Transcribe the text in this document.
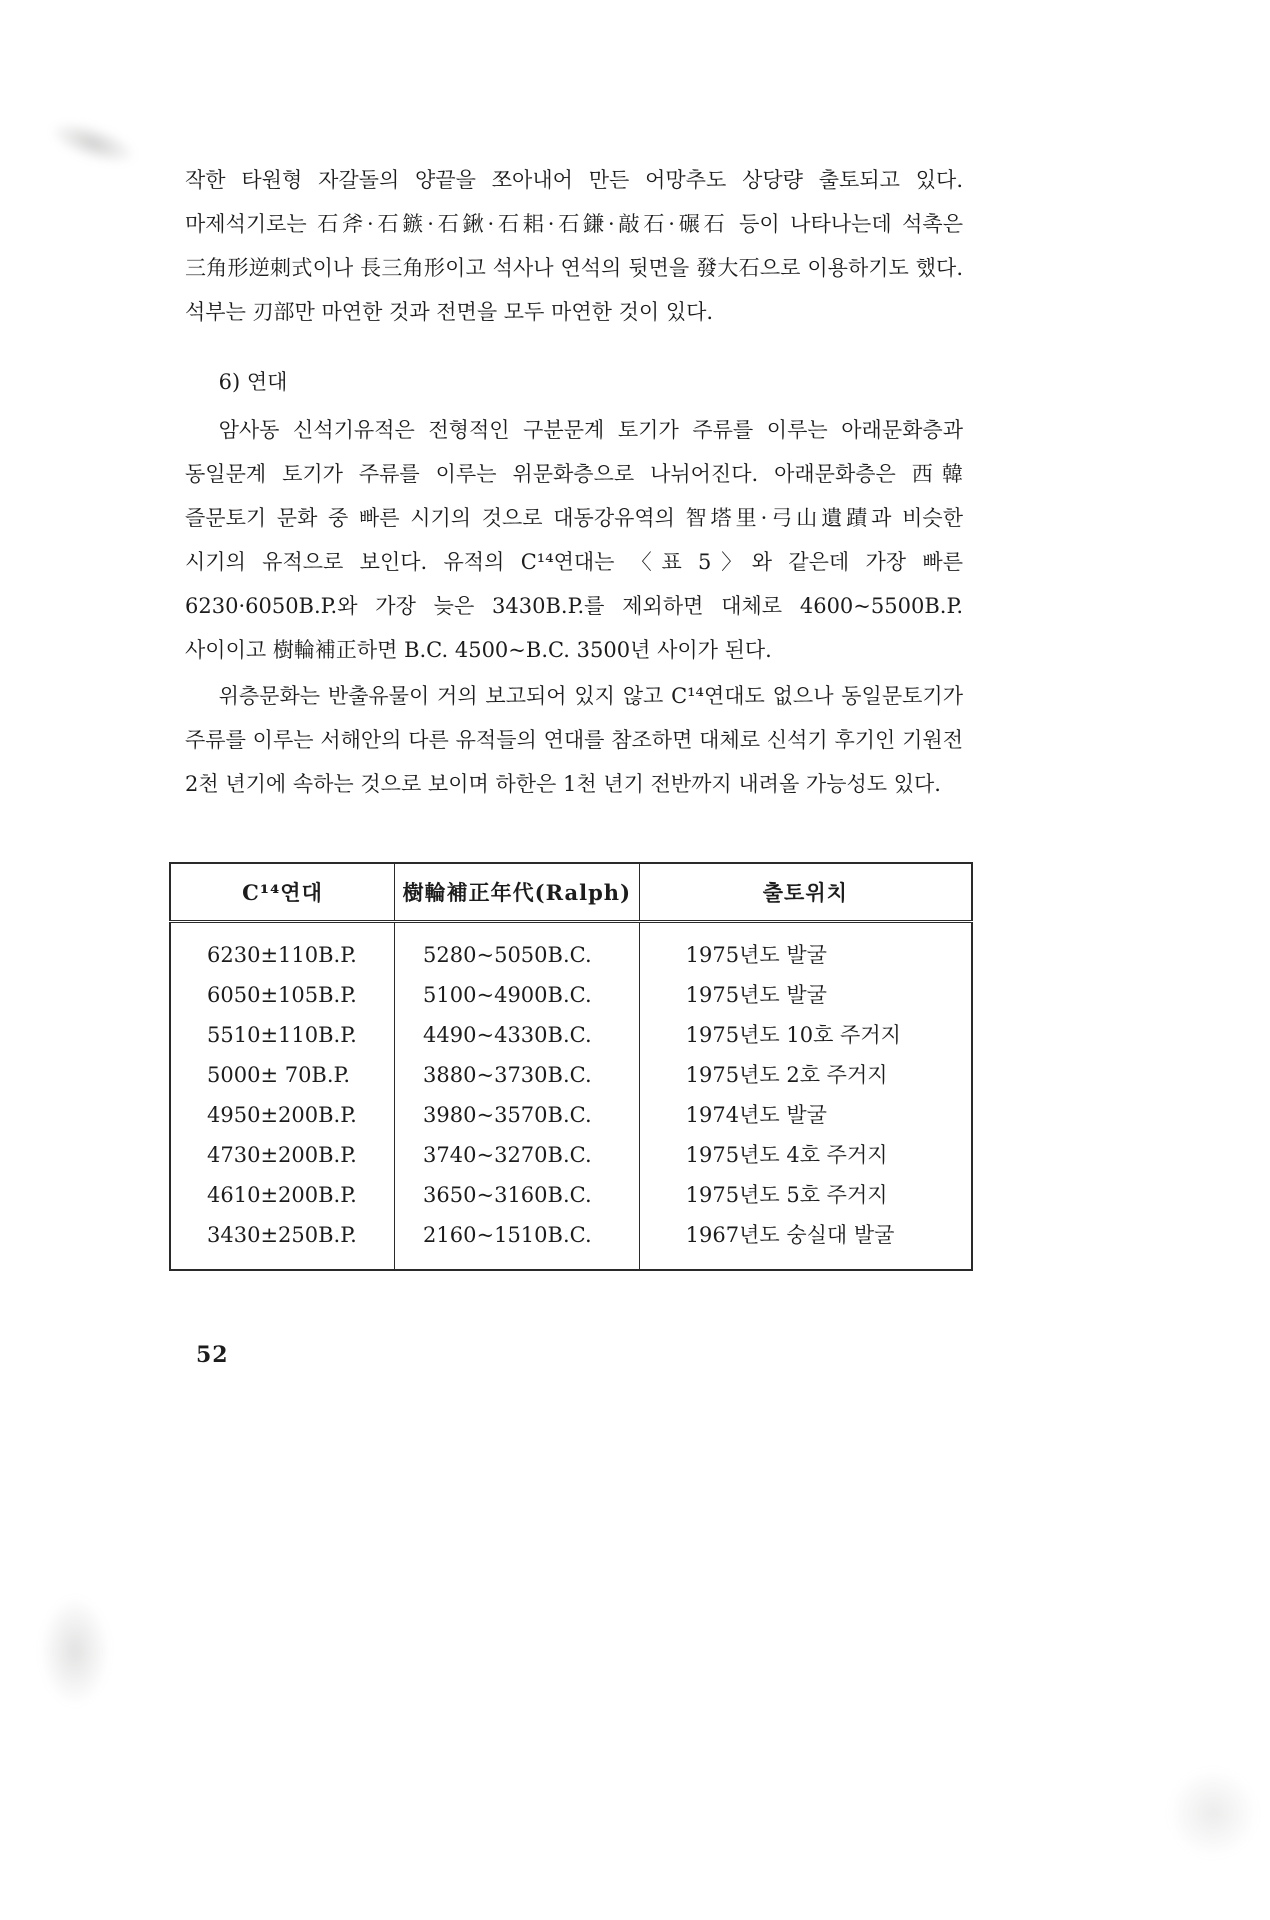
작한 타원형 자갈돌의 양끝을 쪼아내어 만든 어망추도 상당량 출토되고 있다. 마제석기로는 石斧·石鏃·石鍬·石耜·石鎌·敲石·碾石 등이 나타나는데 석촉은 三角形逆刺式이나 長三角形이고 석사나 연석의 뒷면을 發大石으로 이용하기도 했다. 석부는 刃部만 마연한 것과 전면을 모두 마연한 것이 있다.

6) 연대

암사동 신석기유적은 전형적인 구분문계 토기가 주류를 이루는 아래문화층과 동일문계 토기가 주류를 이루는 위문화층으로 나뉘어진다. 아래문화층은 西韓 즐문토기 문화 중 빠른 시기의 것으로 대동강유역의 智塔里·弓山遺蹟과 비슷한 시기의 유적으로 보인다. 유적의 C¹⁴연대는 〈표 5〉와 같은데 가장 빠른 6230·6050B.P.와 가장 늦은 3430B.P.를 제외하면 대체로 4600~5500B.P. 사이이고 樹輪補正하면 B.C. 4500~B.C. 3500년 사이가 된다.

위층문화는 반출유물이 거의 보고되어 있지 않고 C¹⁴연대도 없으나 동일문토기가 주류를 이루는 서해안의 다른 유적들의 연대를 참조하면 대체로 신석기 후기인 기원전 2천 년기에 속하는 것으로 보이며 하한은 1천 년기 전반까지 내려올 가능성도 있다.

C¹⁴연대	樹輪補正年代(Ralph)	출토위치
6230±110B.P.	5280~5050B.C.	1975년도 발굴
6050±105B.P.	5100~4900B.C.	1975년도 발굴
5510±110B.P.	4490~4330B.C.	1975년도 10호 주거지
5000± 70B.P.	3880~3730B.C.	1975년도 2호 주거지
4950±200B.P.	3980~3570B.C.	1974년도 발굴
4730±200B.P.	3740~3270B.C.	1975년도 4호 주거지
4610±200B.P.	3650~3160B.C.	1975년도 5호 주거지
3430±250B.P.	2160~1510B.C.	1967년도 숭실대 발굴
52
